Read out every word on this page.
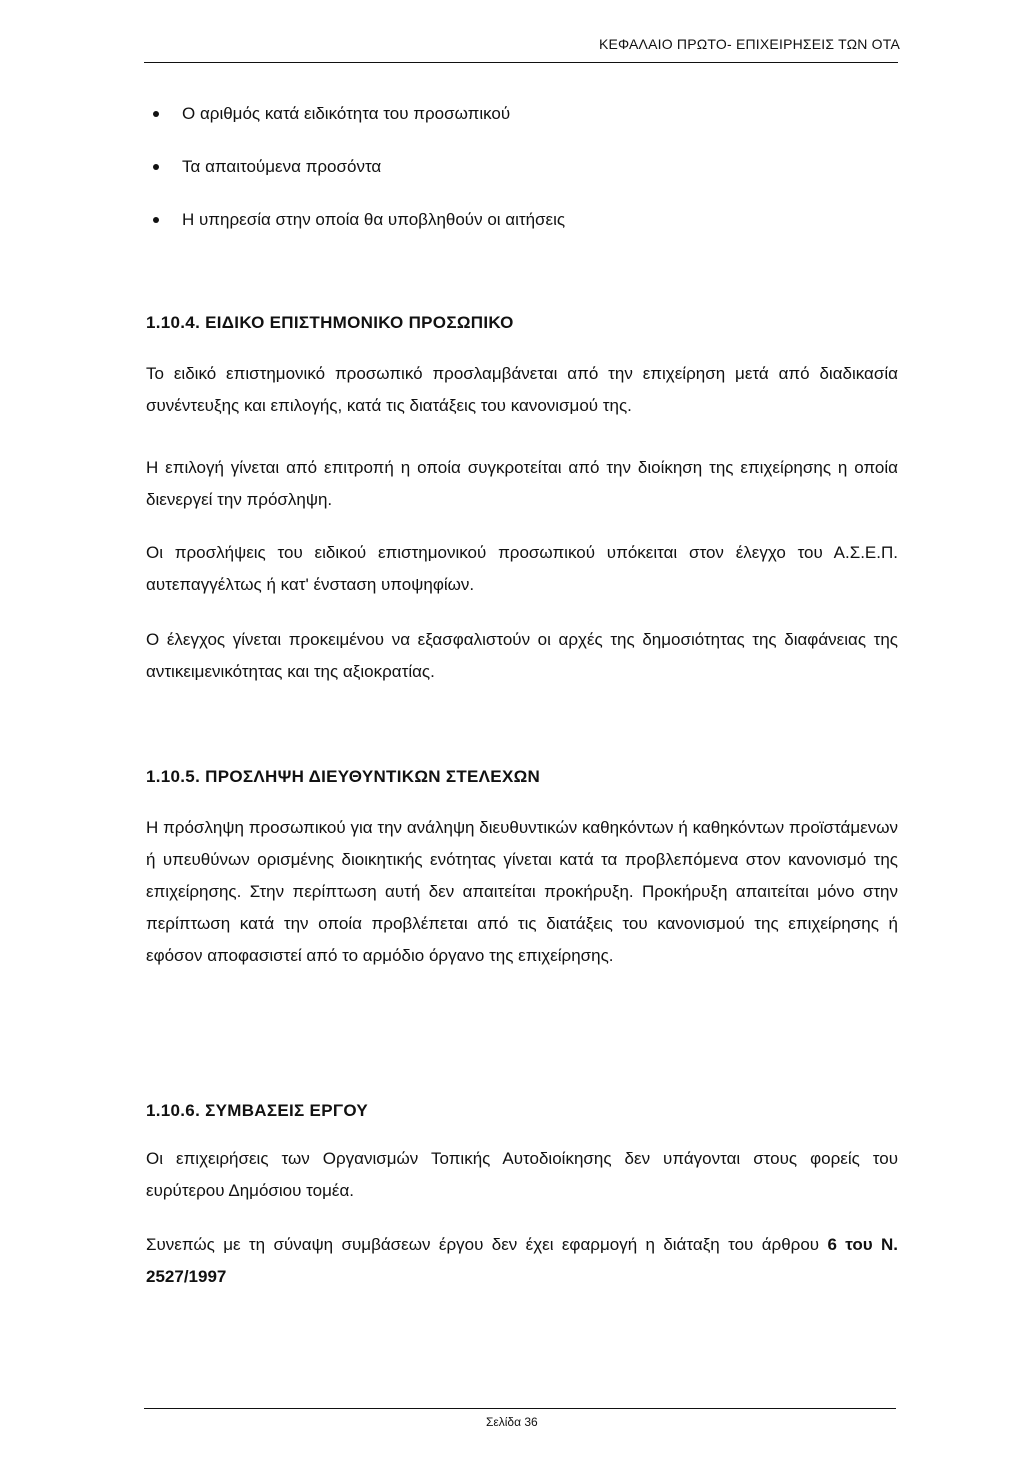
ΚΕΦΑΛΑΙΟ ΠΡΩΤΟ- ΕΠΙΧΕΙΡΗΣΕΙΣ ΤΩΝ ΟΤΑ
Ο αριθμός κατά ειδικότητα του προσωπικού
Τα απαιτούμενα προσόντα
Η υπηρεσία στην οποία θα υποβληθούν οι αιτήσεις
1.10.4. ΕΙΔΙΚΟ ΕΠΙΣΤΗΜΟΝΙΚΟ ΠΡΟΣΩΠΙΚΟ

Το ειδικό επιστημονικό προσωπικό προσλαμβάνεται από την επιχείρηση μετά από διαδικασία συνέντευξης και επιλογής, κατά τις διατάξεις του κανονισμού της.

Η επιλογή γίνεται από επιτροπή η οποία συγκροτείται από την διοίκηση της επιχείρησης η οποία διενεργεί την πρόσληψη.

Οι προσλήψεις του ειδικού επιστημονικού προσωπικού υπόκειται στον έλεγχο του Α.Σ.Ε.Π. αυτεπαγγέλτως ή κατ' ένσταση υποψηφίων.

Ο έλεγχος γίνεται προκειμένου να εξασφαλιστούν οι αρχές της δημοσιότητας της διαφάνειας της αντικειμενικότητας και της αξιοκρατίας.

1.10.5. ΠΡΟΣΛΗΨΗ ΔΙΕΥΘΥΝΤΙΚΩΝ ΣΤΕΛΕΧΩΝ

Η πρόσληψη προσωπικού για την ανάληψη διευθυντικών καθηκόντων ή καθηκόντων προϊστάμενων ή υπευθύνων ορισμένης διοικητικής ενότητας γίνεται κατά τα προβλεπόμενα στον κανονισμό της επιχείρησης. Στην περίπτωση αυτή δεν απαιτείται προκήρυξη. Προκήρυξη απαιτείται μόνο στην περίπτωση κατά την οποία προβλέπεται από τις διατάξεις του κανονισμού της επιχείρησης ή εφόσον αποφασιστεί από το αρμόδιο όργανο της επιχείρησης.

1.10.6. ΣΥΜΒΑΣΕΙΣ ΕΡΓΟΥ

Οι επιχειρήσεις των Οργανισμών Τοπικής Αυτοδιοίκησης δεν υπάγονται στους φορείς του ευρύτερου Δημόσιου τομέα.

Συνεπώς με τη σύναψη συμβάσεων έργου δεν έχει εφαρμογή η διάταξη του άρθρου 6 του Ν. 2527/1997

Σελίδα 36
